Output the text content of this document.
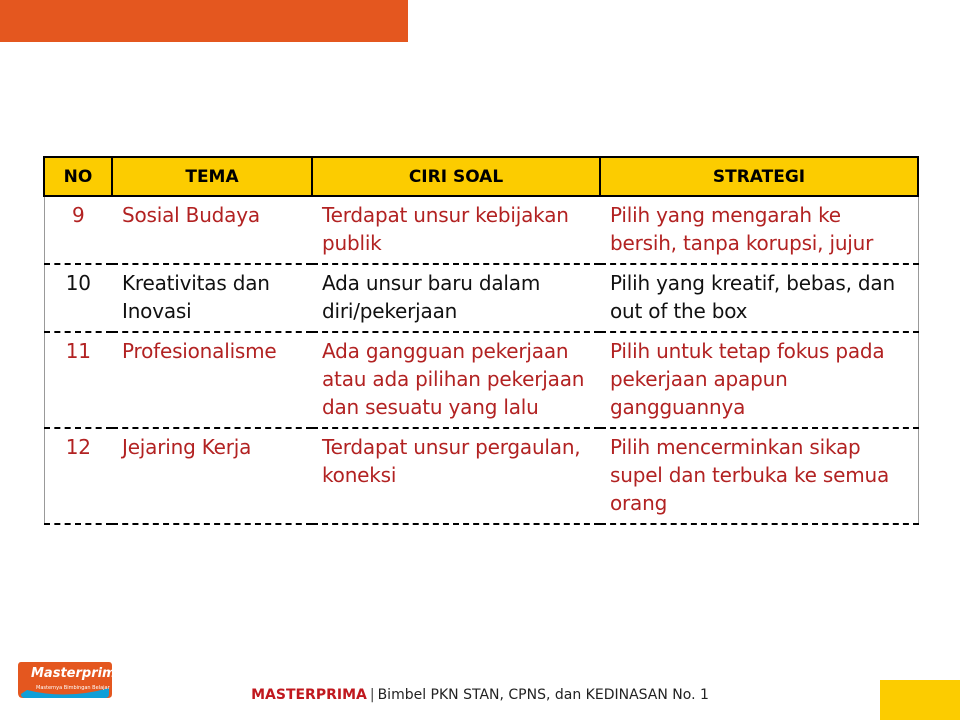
NO	TEMA	CIRI SOAL	STRATEGI
9	Sosial Budaya	Terdapat unsur kebijakan publik	Pilih yang mengarah ke bersih, tanpa korupsi, jujur
10	Kreativitas dan Inovasi	Ada unsur baru dalam diri/pekerjaan	Pilih yang kreatif, bebas, dan out of the box
11	Profesionalisme	Ada gangguan pekerjaan atau ada pilihan pekerjaan dan sesuatu yang lalu	Pilih untuk tetap fokus pada pekerjaan apapun gangguannya
12	Jejaring Kerja	Terdapat unsur pergaulan, koneksi	Pilih mencerminkan sikap supel dan terbuka ke semua orang
Masterprima
Masternya Bimbingan Belajar	MASTERPRIMA | Bimbel PKN STAN, CPNS, dan KEDINASAN No. 1
